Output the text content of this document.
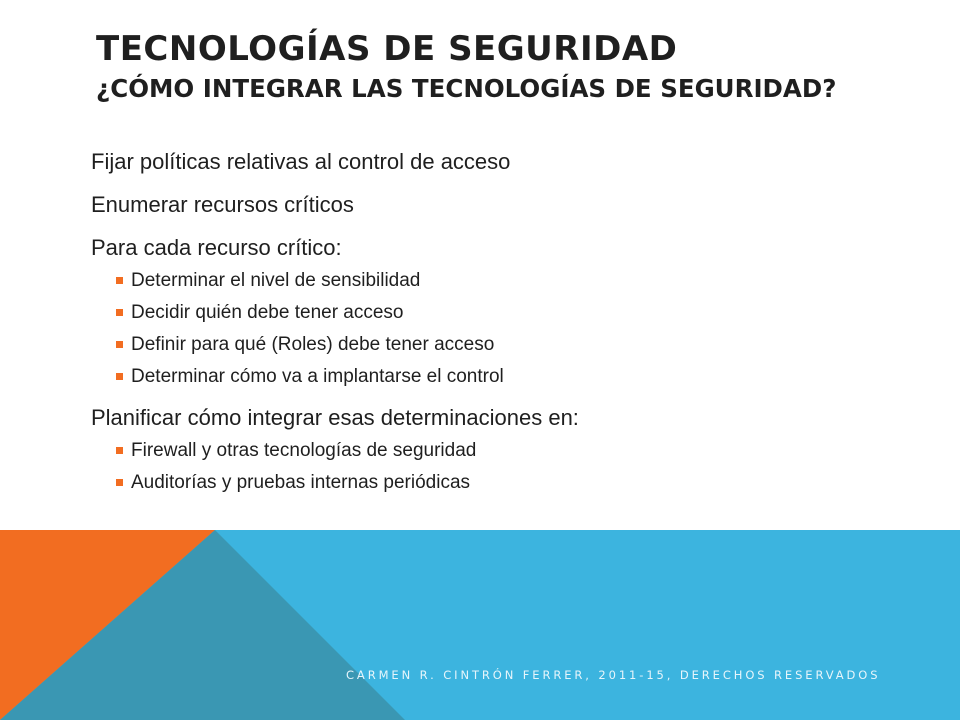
TECNOLOGÍAS DE SEGURIDAD
¿CÓMO INTEGRAR LAS TECNOLOGÍAS DE SEGURIDAD?

Fijar políticas relativas al control de acceso

Enumerar recursos críticos

Para cada recurso crítico:

Determinar el nivel de sensibilidad
Decidir quién debe tener acceso
Definir para qué (Roles) debe tener acceso
Determinar cómo va a implantarse el control

Planificar cómo integrar esas determinaciones en:

Firewall y otras tecnologías de seguridad
Auditorías y pruebas internas periódicas
CARMEN R. CINTRÓN FERRER, 2011-15, DERECHOS RESERVADOS
